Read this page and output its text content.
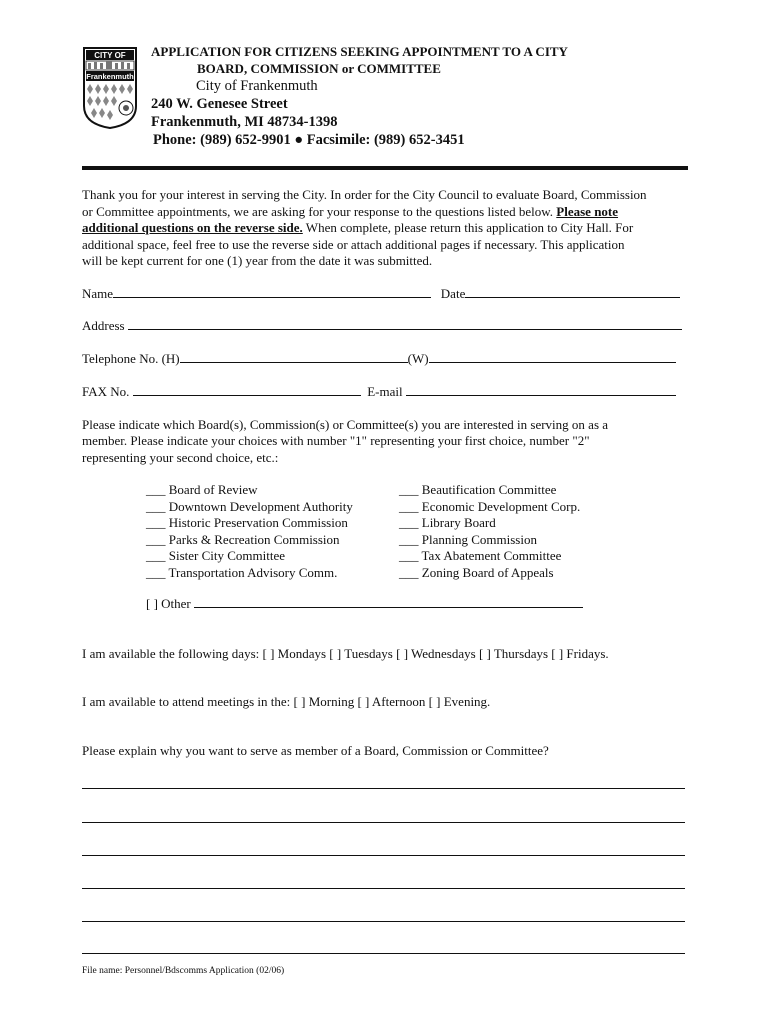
CITY OF
Frankenmuth
APPLICATION FOR CITIZENS SEEKING APPOINTMENT TO A CITY
BOARD, COMMISSION or COMMITTEE
City of Frankenmuth
240 W. Genesee Street
Frankenmuth, MI 48734-1398
Phone: (989) 652-9901 ● Facsimile: (989) 652-3451
Thank you for your interest in serving the City. In order for the City Council to evaluate Board, Commission
or Committee appointments, we are asking for your response to the questions listed below. Please note
additional questions on the reverse side. When complete, please return this application to City Hall. For
additional space, feel free to use the reverse side or attach additional pages if necessary. This application
will be kept current for one (1) year from the date it was submitted.
Name	Date
Address
Telephone No. (H)	(W)
FAX No.	E-mail
Please indicate which Board(s), Commission(s) or Committee(s) you are interested in serving on as a
member. Please indicate your choices with number "1" representing your first choice, number "2"
representing your second choice, etc.:
___ Board of Review
___ Downtown Development Authority
___ Historic Preservation Commission
___ Parks & Recreation Commission
___ Sister City Committee
___ Transportation Advisory Comm.
___ Beautification Committee
___ Economic Development Corp.
___ Library Board
___ Planning Commission
___ Tax Abatement Committee
___ Zoning Board of Appeals
[ ] Other
I am available the following days: [ ] Mondays [ ] Tuesdays [ ] Wednesdays [ ] Thursdays [ ] Fridays.
I am available to attend meetings in the: [ ] Morning [ ] Afternoon [ ] Evening.
Please explain why you want to serve as member of a Board, Commission or Committee?
File name: Personnel/Bdscomms Application (02/06)
